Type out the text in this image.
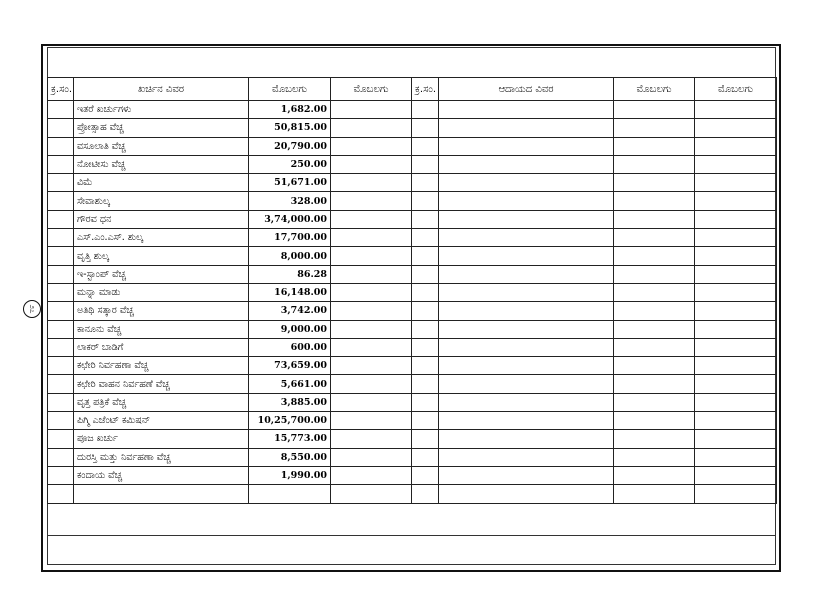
೨೭
ಕ್ರ.ಸಂ.	ಖರ್ಚಿನ ವಿವರ	ಮೊಬಲಗು	ಮೊಬಲಗು	ಕ್ರ.ಸಂ.	ಆದಾಯದ ವಿವರ	ಮೊಬಲಗು	ಮೊಬಲಗು
	ಇತರೆ ಖರ್ಚುಗಳು	1,682.00					
	ಪ್ರೋತ್ಸಾಹ ವೆಚ್ಚ	50,815.00					
	ವಸೂಲಾತಿ ವೆಚ್ಚ	20,790.00					
	ನೋಟೀಸು ವೆಚ್ಚ	250.00					
	ವಿಮೆ	51,671.00					
	ಸೇವಾಶುಲ್ಕ	328.00					
	ಗೌರವ ಧನ	3,74,000.00					
	ಎಸ್.ಎಂ.ಎಸ್. ಶುಲ್ಕ	17,700.00					
	ವೃತ್ತಿ ಶುಲ್ಕ	8,000.00					
	ಇ-ಸ್ಟಾಂಪ್ ವೆಚ್ಚ	86.28					
	ಮನ್ನಾ ಮಾಡು	16,148.00					
	ಅತಿಥಿ ಸತ್ಕಾರ ವೆಚ್ಚ	3,742.00					
	ಕಾನೂನು ವೆಚ್ಚ	9,000.00					
	ಲಾಕರ್ ಬಾಡಿಗೆ	600.00					
	ಕಛೇರಿ ನಿರ್ವಹಣಾ ವೆಚ್ಚ	73,659.00					
	ಕಛೇರಿ ವಾಹನ ನಿರ್ವಹಣೆ ವೆಚ್ಚ	5,661.00					
	ವೃತ್ತ ಪತ್ರಿಕೆ ವೆಚ್ಚ	3,885.00					
	ಪಿಗ್ಮಿ ಎಜೆಂಟ್ ಕಮಿಷನ್	10,25,700.00					
	ಪೂಜ ಖರ್ಚು	15,773.00					
	ದುರಸ್ತಿ ಮತ್ತು ನಿರ್ವಹಣಾ ವೆಚ್ಚ	8,550.00					
	ಕಂದಾಯ ವೆಚ್ಚ	1,990.00					
